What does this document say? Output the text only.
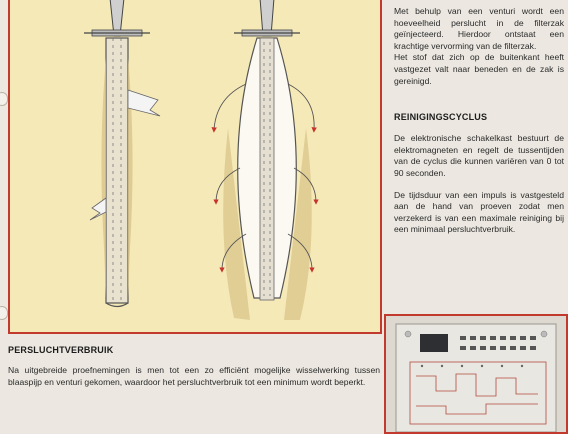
Met behulp van een venturi wordt een hoeveelheid perslucht in de filterzak geïnjecteerd. Hierdoor ontstaat een krachtige vervorming van de filterzak.

Het stof dat zich op de buitenkant heeft vastgezet valt naar beneden en de zak is gereinigd.

REINIGINGSCYCLUS

De elektronische schakelkast bestuurt de elektromagneten en regelt de tussentijden van de cyclus die kunnen variëren van 0 tot 90 seconden.

De tijdsduur van een impuls is vastgesteld aan de hand van proeven zodat men verzekerd is van een maximale reiniging bij een minimaal persluchtverbruik.

PERSLUCHTVERBRUIK

Na uitgebreide proefnemingen is men tot een zo efficiënt mogelijke wisselwerking tussen blaaspijp en venturi gekomen, waardoor het persluchtverbruik tot een minimum wordt beperkt.
